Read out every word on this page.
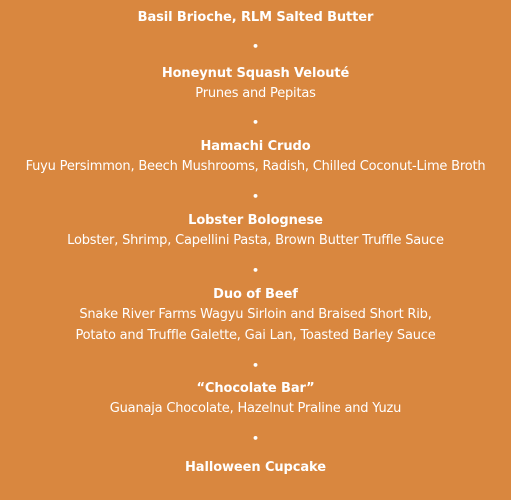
Basil Brioche, RLM Salted Butter
•
Honeynut Squash Velouté
Prunes and Pepitas
•
Hamachi Crudo
Fuyu Persimmon, Beech Mushrooms, Radish, Chilled Coconut-Lime Broth
•
Lobster Bolognese
Lobster, Shrimp, Capellini Pasta, Brown Butter Truffle Sauce
•
Duo of Beef
Snake River Farms Wagyu Sirloin and Braised Short Rib,
Potato and Truffle Galette, Gai Lan, Toasted Barley Sauce
•
“Chocolate Bar”
Guanaja Chocolate, Hazelnut Praline and Yuzu
•
Halloween Cupcake
